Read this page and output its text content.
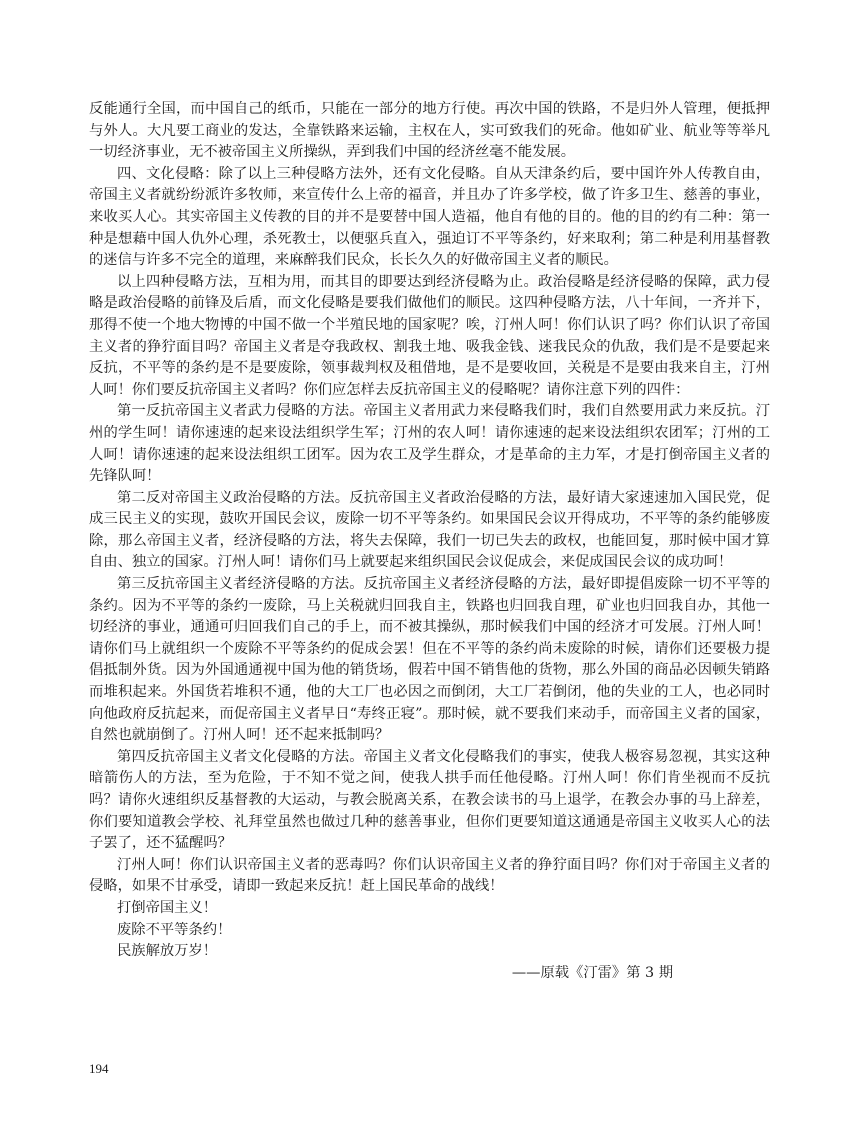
反能通行全国，而中国自己的纸币，只能在一部分的地方行使。再次中国的铁路，不是归外人管理，便抵押与外人。大凡要工商业的发达，全靠铁路来运输，主权在人，实可致我们的死命。他如矿业、航业等等举凡一切经济事业，无不被帝国主义所操纵，弄到我们中国的经济丝毫不能发展。

四、文化侵略：除了以上三种侵略方法外，还有文化侵略。自从天津条约后，要中国许外人传教自由，帝国主义者就纷纷派许多牧师，来宣传什么上帝的福音，并且办了许多学校，做了许多卫生、慈善的事业，来收买人心。其实帝国主义传教的目的并不是要替中国人造福，他自有他的目的。他的目的约有二种：第一种是想藉中国人仇外心理，杀死教士，以便驱兵直入，强迫订不平等条约，好来取利；第二种是利用基督教的迷信与许多不完全的道理，来麻醉我们民众，长长久久的好做帝国主义者的顺民。

以上四种侵略方法，互相为用，而其目的即要达到经济侵略为止。政治侵略是经济侵略的保障，武力侵略是政治侵略的前锋及后盾，而文化侵略是要我们做他们的顺民。这四种侵略方法，八十年间，一齐并下，那得不使一个地大物博的中国不做一个半殖民地的国家呢？唉，汀州人呵！你们认识了吗？你们认识了帝国主义者的狰狞面目吗？帝国主义者是夺我政权、割我土地、吸我金钱、迷我民众的仇敌，我们是不是要起来反抗，不平等的条约是不是要废除，领事裁判权及租借地，是不是要收回，关税是不是要由我来自主，汀州人呵！你们要反抗帝国主义者吗？你们应怎样去反抗帝国主义的侵略呢？请你注意下列的四件：

第一反抗帝国主义者武力侵略的方法。帝国主义者用武力来侵略我们时，我们自然要用武力来反抗。汀州的学生呵！请你速速的起来设法组织学生军；汀州的农人呵！请你速速的起来设法组织农团军；汀州的工人呵！请你速速的起来设法组织工团军。因为农工及学生群众，才是革命的主力军，才是打倒帝国主义者的先锋队呵！

第二反对帝国主义政治侵略的方法。反抗帝国主义者政治侵略的方法，最好请大家速速加入国民党，促成三民主义的实现，鼓吹开国民会议，废除一切不平等条约。如果国民会议开得成功，不平等的条约能够废除，那么帝国主义者，经济侵略的方法，将失去保障，我们一切已失去的政权，也能回复，那时候中国才算自由、独立的国家。汀州人呵！请你们马上就要起来组织国民会议促成会，来促成国民会议的成功呵！

第三反抗帝国主义者经济侵略的方法。反抗帝国主义者经济侵略的方法，最好即提倡废除一切不平等的条约。因为不平等的条约一废除，马上关税就归回我自主，铁路也归回我自理，矿业也归回我自办，其他一切经济的事业，通通可归回我们自己的手上，而不被其操纵，那时候我们中国的经济才可发展。汀州人呵！请你们马上就组织一个废除不平等条约的促成会罢！但在不平等的条约尚未废除的时候，请你们还要极力提倡抵制外货。因为外国通通视中国为他的销货场，假若中国不销售他的货物，那么外国的商品必因顿失销路而堆积起来。外国货若堆积不通，他的大工厂也必因之而倒闭，大工厂若倒闭，他的失业的工人，也必同时向他政府反抗起来，而促帝国主义者早日“寿终正寝”。那时候，就不要我们来动手，而帝国主义者的国家，自然也就崩倒了。汀州人呵！还不起来抵制吗？

第四反抗帝国主义者文化侵略的方法。帝国主义者文化侵略我们的事实，使我人极容易忽视，其实这种暗箭伤人的方法，至为危险，于不知不觉之间，使我人拱手而任他侵略。汀州人呵！你们肯坐视而不反抗吗？请你火速组织反基督教的大运动，与教会脱离关系，在教会读书的马上退学，在教会办事的马上辞差，你们要知道教会学校、礼拜堂虽然也做过几种的慈善事业，但你们更要知道这通通是帝国主义收买人心的法子罢了，还不猛醒吗？

汀州人呵！你们认识帝国主义者的恶毒吗？你们认识帝国主义者的狰狞面目吗？你们对于帝国主义者的侵略，如果不甘承受，请即一致起来反抗！赶上国民革命的战线！

打倒帝国主义！

废除不平等条约！

民族解放万岁！

——原载《汀雷》第 3 期

194
